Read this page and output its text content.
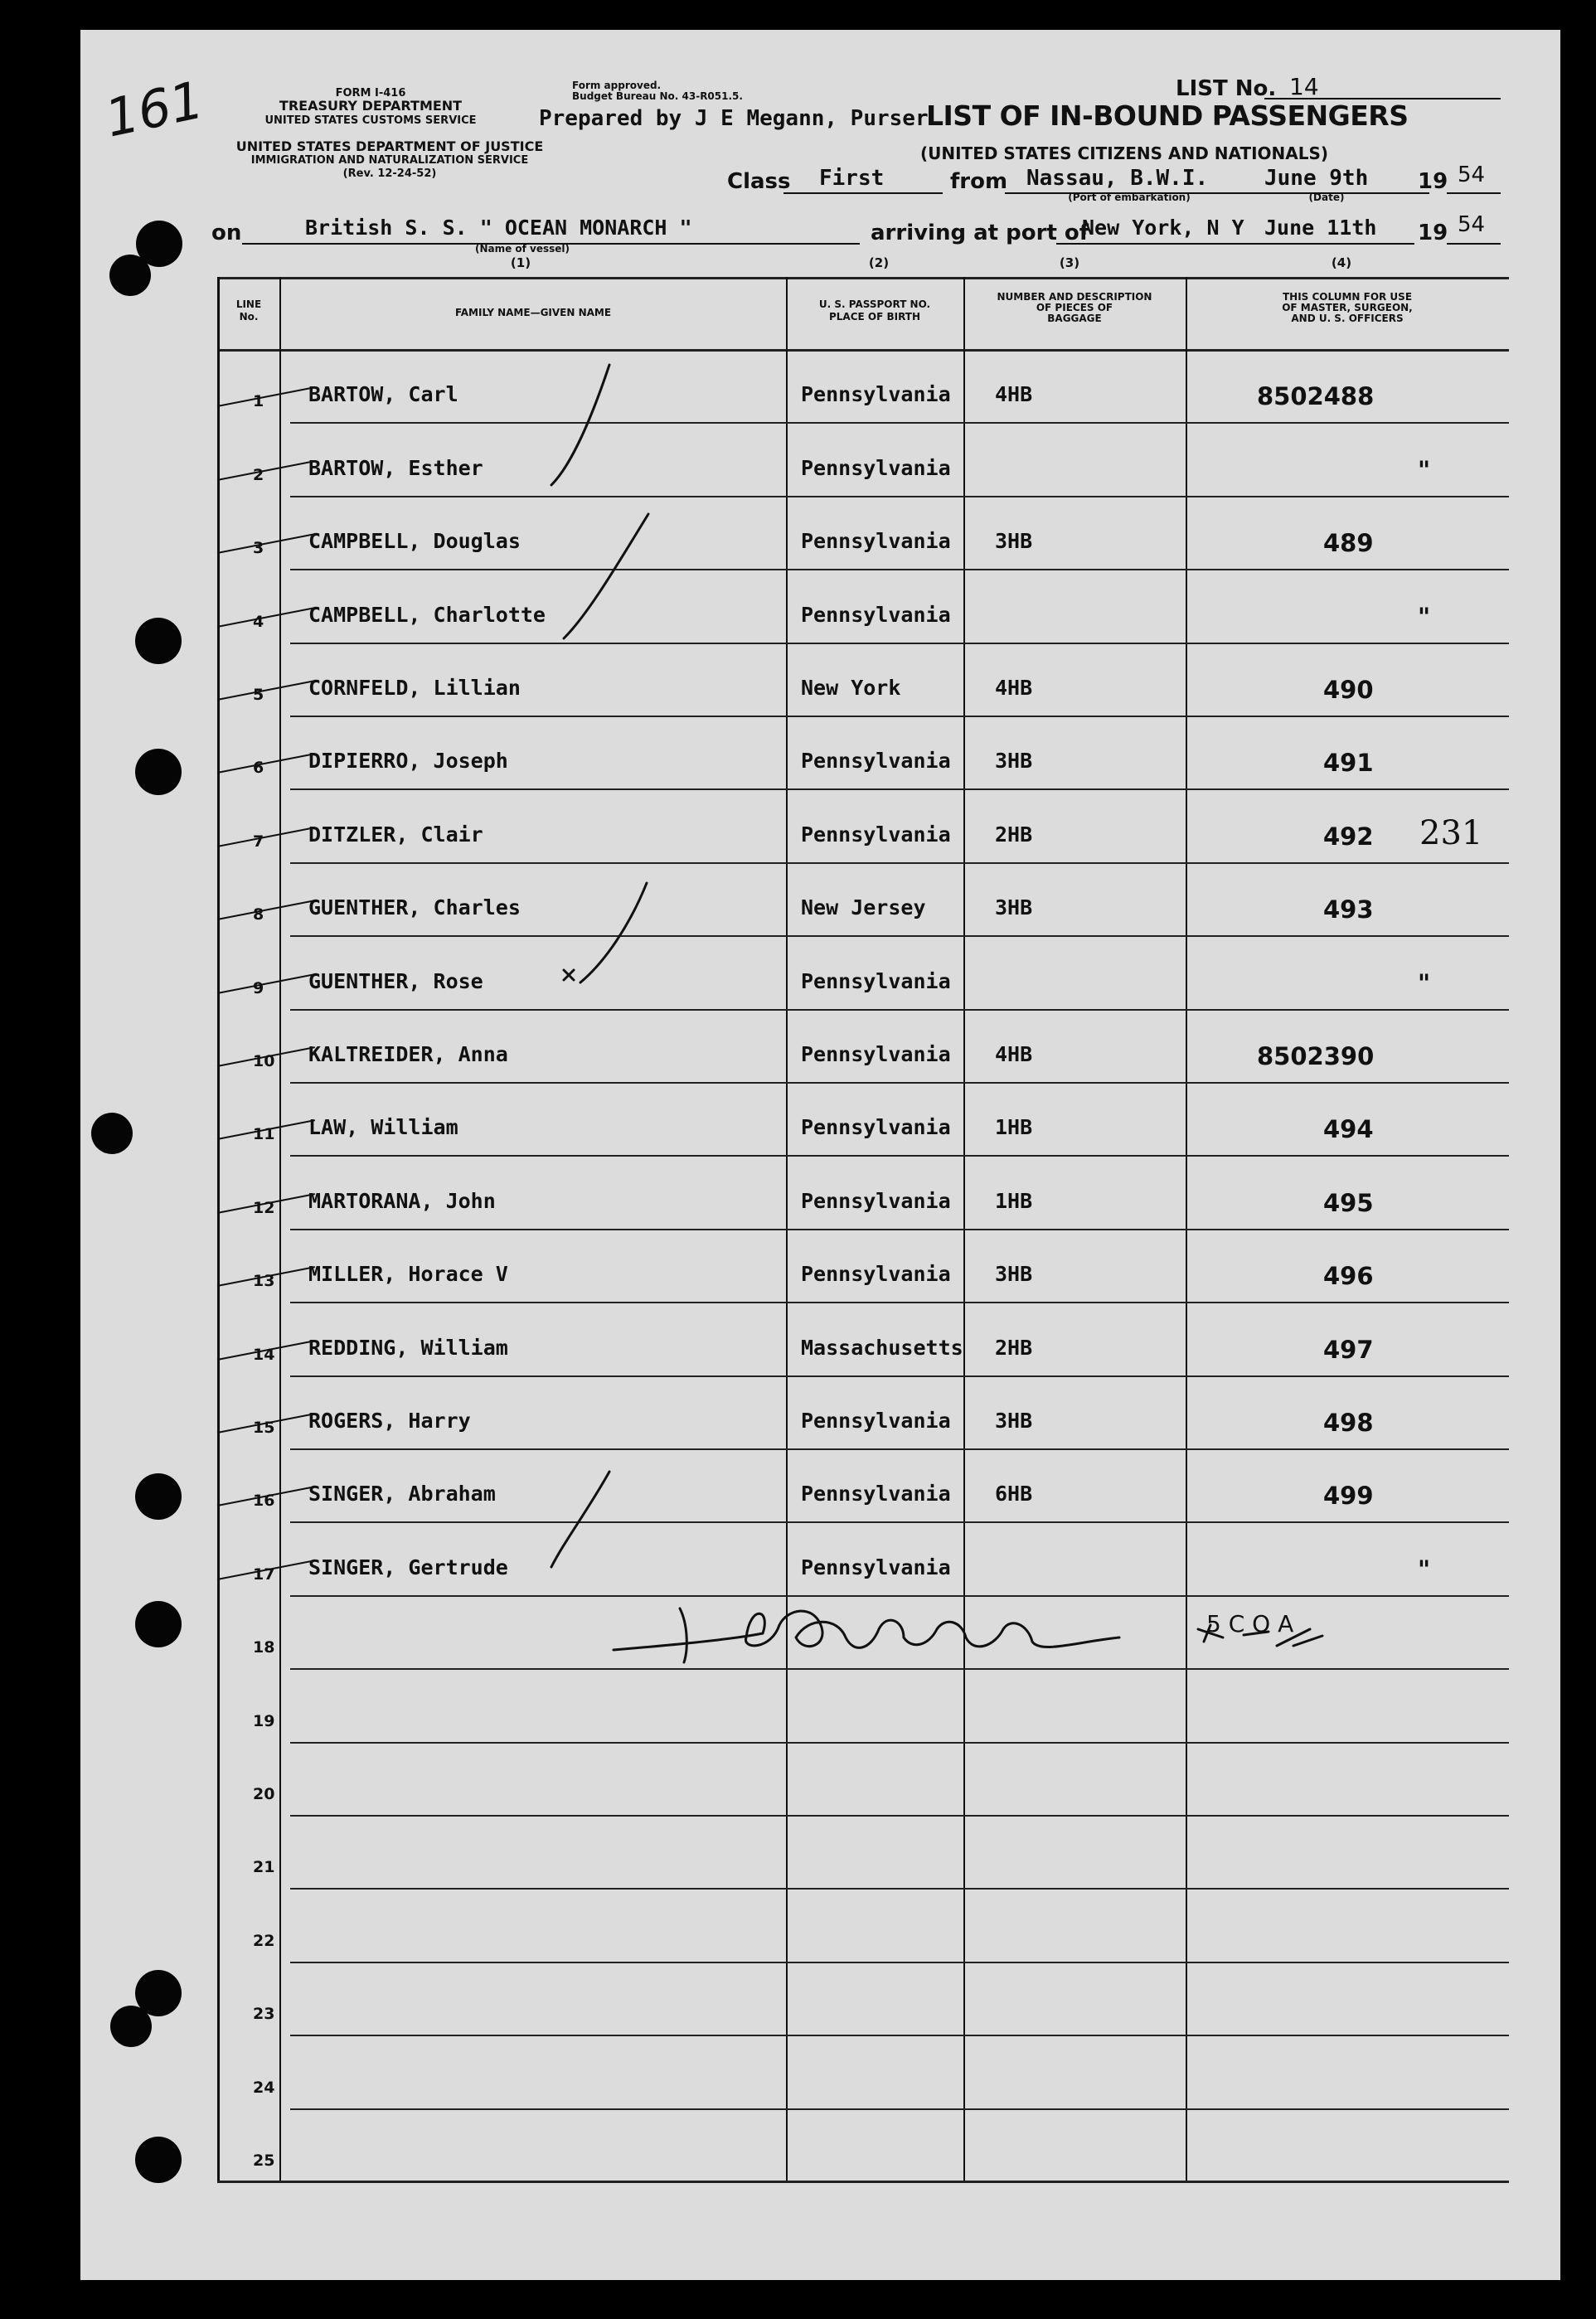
FORM I-416
TREASURY DEPARTMENT
UNITED STATES CUSTOMS SERVICE
UNITED STATES DEPARTMENT OF JUSTICE
IMMIGRATION AND NATURALIZATION SERVICE
(Rev. 12-24-52)
Form approved.
Budget Bureau No. 43-R051.5.
Prepared by J E Megann, Purser
LIST OF IN-BOUND PASSENGERS
LIST No. 14
(UNITED STATES CITIZENS AND NATIONALS)
Class First	from Nassau, B.W.I.	June 9th
(Port of embarkation)	(Date)
19 54
on	British S. S. " OCEAN MONARCH "
(Name of vessel)
arriving at port of
New York, N Y June 11th 19 54
(1)	(2)	(3)	(4)
LINE
No.	FAMILY NAME—GIVEN NAME
U. S. PASSPORT NO.
PLACE OF BIRTH
NUMBER AND DESCRIPTION
OF PIECES OF
BAGGAGE
THIS COLUMN FOR USE
OF MASTER, SURGEON,
AND U. S. OFFICERS
1 BARTOW, Carl	Pennsylvania 4HB	8502488
2 BARTOW, Esther	Pennsylvania	"
3 CAMPBELL, Douglas	Pennsylvania 3HB	489
4 CAMPBELL, Charlotte	Pennsylvania	"
5 CORNFELD, Lillian	New York	4HB	490
6 DIPIERRO, Joseph	Pennsylvania 3HB	491
7 DITZLER, Clair	Pennsylvania 2HB	492
8 GUENTHER, Charles	New Jersey	3HB	493
9 GUENTHER, Rose	Pennsylvania	"
10 KALTREIDER, Anna	Pennsylvania 4HB	8502390
11 LAW, William	Pennsylvania 1HB	494
12 MARTORANA, John	Pennsylvania 1HB	495
13 MILLER, Horace V	Pennsylvania 3HB	496
14 REDDING, William	Massachusetts 2HB	497
15 ROGERS, Harry	Pennsylvania 3HB	498
16 SINGER, Abraham	Pennsylvania 6HB	499
17 SINGER, Gertrude	Pennsylvania	"
18
19
20
21
22
23
24
25
161
231
5 C O A
